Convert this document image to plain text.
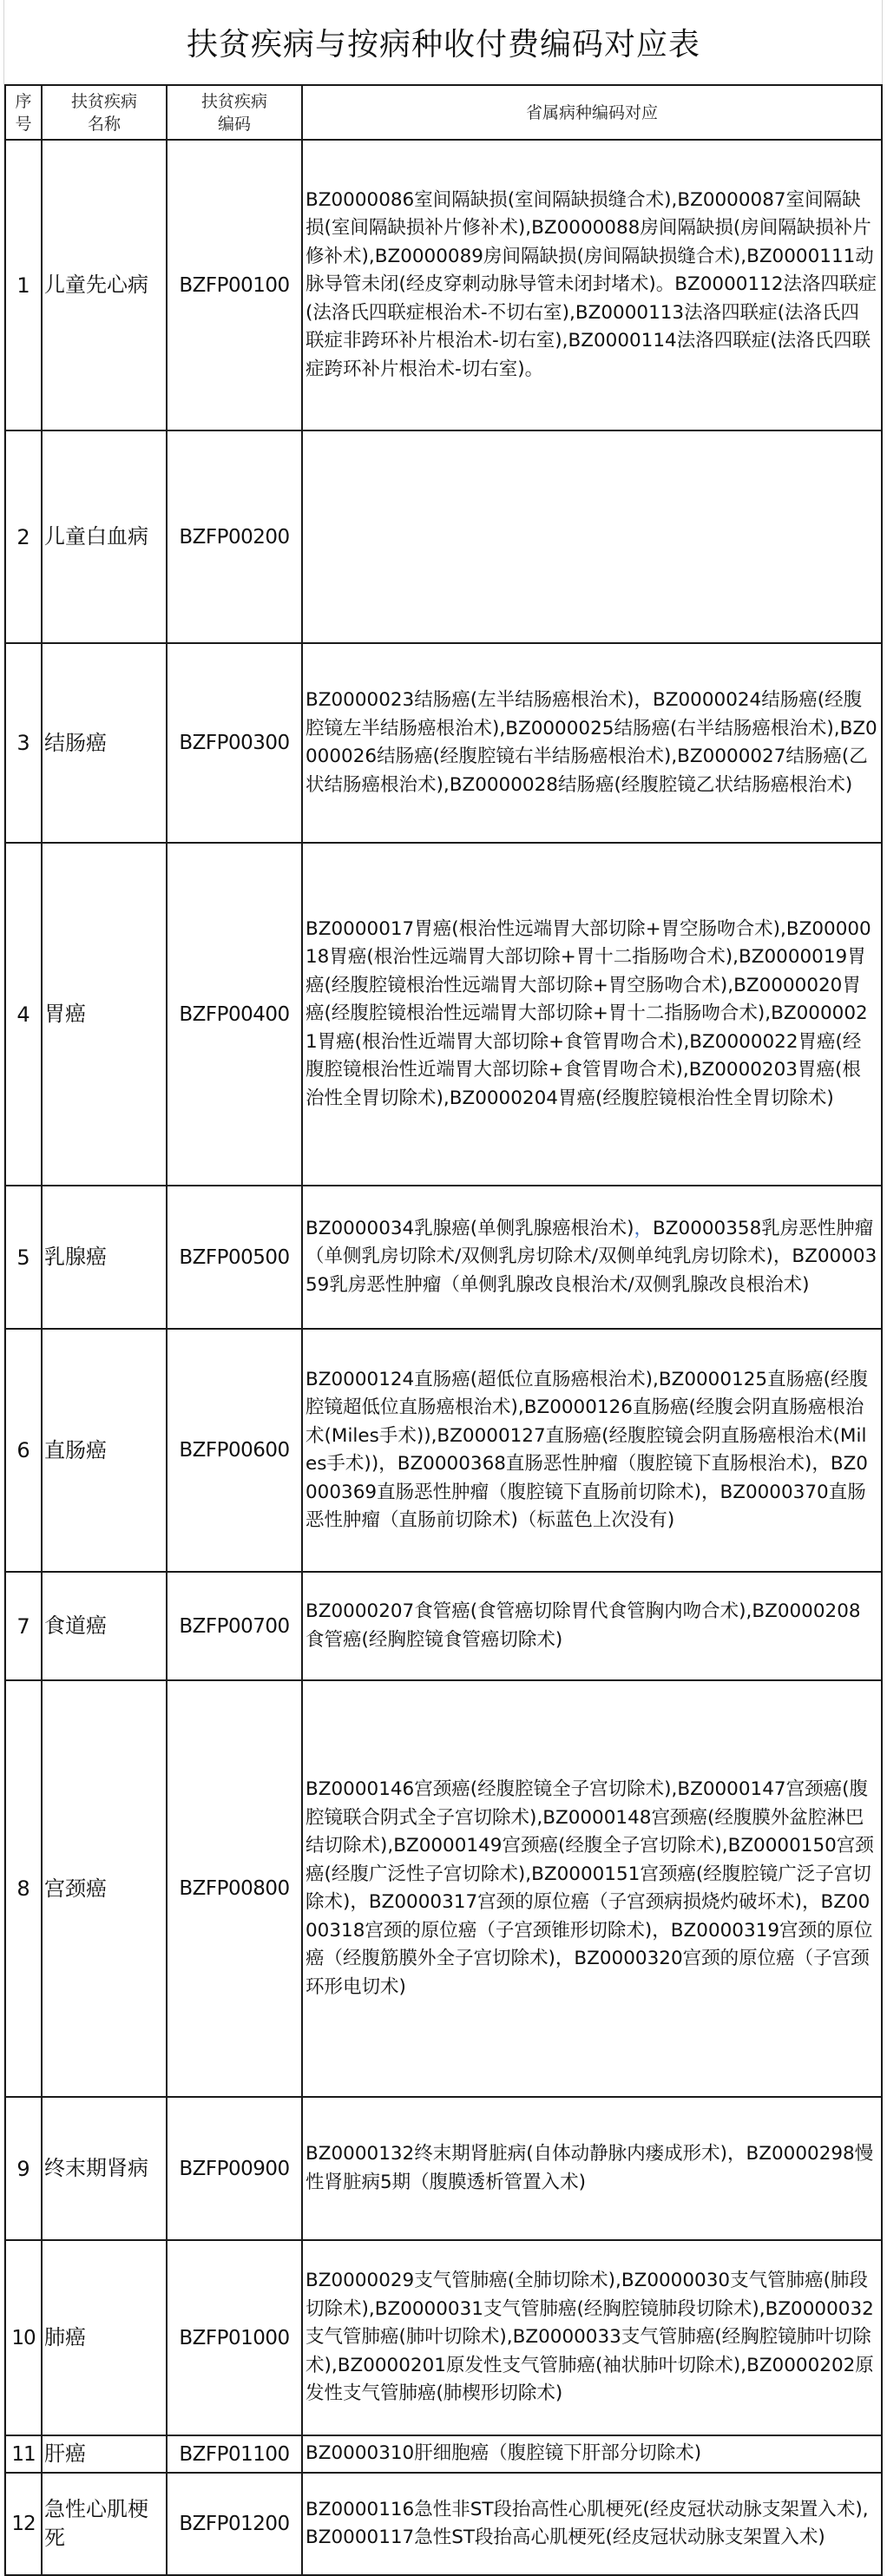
扶贫疾病与按病种收付费编码对应表
序号	扶贫疾病名称	扶贫疾病编码	省属病种编码对应
1	儿童先心病	BZFP00100	BZ0000086室间隔缺损(室间隔缺损缝合术),BZ0000087室间隔缺损(室间隔缺损补片修补术),BZ0000088房间隔缺损(房间隔缺损补片修补术),BZ0000089房间隔缺损(房间隔缺损缝合术),BZ0000111动脉导管未闭(经皮穿刺动脉导管未闭封堵术)。BZ0000112法洛四联症(法洛氏四联症根治术-不切右室),BZ0000113法洛四联症(法洛氏四联症非跨环补片根治术-切右室),BZ0000114法洛四联症(法洛氏四联症跨环补片根治术-切右室)。
2	儿童白血病	BZFP00200	
3	结肠癌	BZFP00300	BZ0000023结肠癌(左半结肠癌根治术)，BZ0000024结肠癌(经腹腔镜左半结肠癌根治术),BZ0000025结肠癌(右半结肠癌根治术),BZ0000026结肠癌(经腹腔镜右半结肠癌根治术),BZ0000027结肠癌(乙状结肠癌根治术),BZ0000028结肠癌(经腹腔镜乙状结肠癌根治术)
4	胃癌	BZFP00400	BZ0000017胃癌(根治性远端胃大部切除+胃空肠吻合术),BZ0000018胃癌(根治性远端胃大部切除+胃十二指肠吻合术),BZ0000019胃癌(经腹腔镜根治性远端胃大部切除+胃空肠吻合术),BZ0000020胃癌(经腹腔镜根治性远端胃大部切除+胃十二指肠吻合术),BZ0000021胃癌(根治性近端胃大部切除+食管胃吻合术),BZ0000022胃癌(经腹腔镜根治性近端胃大部切除+食管胃吻合术),BZ0000203胃癌(根治性全胃切除术),BZ0000204胃癌(经腹腔镜根治性全胃切除术)
5	乳腺癌	BZFP00500	BZ0000034乳腺癌(单侧乳腺癌根治术)，BZ0000358乳房恶性肿瘤（单侧乳房切除术/双侧乳房切除术/双侧单纯乳房切除术)，BZ0000359乳房恶性肿瘤（单侧乳腺改良根治术/双侧乳腺改良根治术)
6	直肠癌	BZFP00600	BZ0000124直肠癌(超低位直肠癌根治术),BZ0000125直肠癌(经腹腔镜超低位直肠癌根治术),BZ0000126直肠癌(经腹会阴直肠癌根治术(Miles手术)),BZ0000127直肠癌(经腹腔镜会阴直肠癌根治术(Miles手术))，BZ0000368直肠恶性肿瘤（腹腔镜下直肠根治术)，BZ0000369直肠恶性肿瘤（腹腔镜下直肠前切除术)，BZ0000370直肠恶性肿瘤（直肠前切除术)（标蓝色上次没有)
7	食道癌	BZFP00700	BZ0000207食管癌(食管癌切除胃代食管胸内吻合术),BZ0000208食管癌(经胸腔镜食管癌切除术)
8	宫颈癌	BZFP00800	BZ0000146宫颈癌(经腹腔镜全子宫切除术),BZ0000147宫颈癌(腹腔镜联合阴式全子宫切除术),BZ0000148宫颈癌(经腹膜外盆腔淋巴结切除术),BZ0000149宫颈癌(经腹全子宫切除术),BZ0000150宫颈癌(经腹广泛性子宫切除术),BZ0000151宫颈癌(经腹腔镜广泛子宫切除术)，BZ0000317宫颈的原位癌（子宫颈病损烧灼破坏术)，BZ0000318宫颈的原位癌（子宫颈锥形切除术)，BZ0000319宫颈的原位癌（经腹筋膜外全子宫切除术)，BZ0000320宫颈的原位癌（子宫颈环形电切术)
9	终末期肾病	BZFP00900	BZ0000132终末期肾脏病(自体动静脉内瘘成形术)，BZ0000298慢性肾脏病5期（腹膜透析管置入术)
10	肺癌	BZFP01000	BZ0000029支气管肺癌(全肺切除术),BZ0000030支气管肺癌(肺段切除术),BZ0000031支气管肺癌(经胸腔镜肺段切除术),BZ0000032支气管肺癌(肺叶切除术),BZ0000033支气管肺癌(经胸腔镜肺叶切除术),BZ0000201原发性支气管肺癌(袖状肺叶切除术),BZ0000202原发性支气管肺癌(肺楔形切除术)
11	肝癌	BZFP01100	BZ0000310肝细胞癌（腹腔镜下肝部分切除术)
12	急性心肌梗死	BZFP01200	BZ0000116急性非ST段抬高性心肌梗死(经皮冠状动脉支架置入术),BZ0000117急性ST段抬高心肌梗死(经皮冠状动脉支架置入术)
